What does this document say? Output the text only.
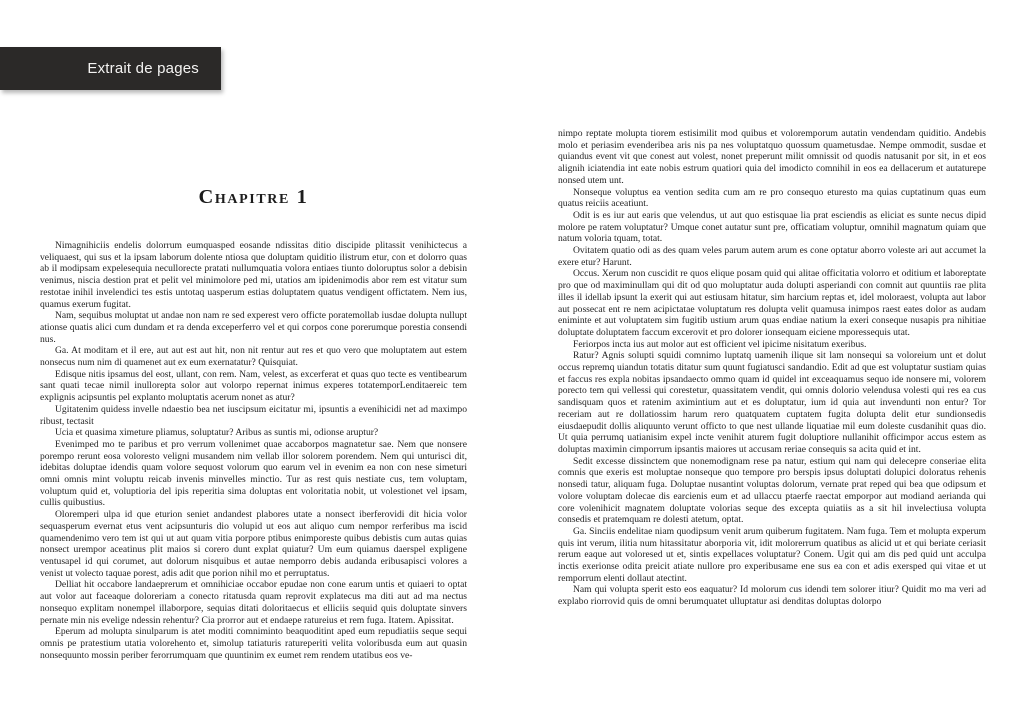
Extrait de pages
Chapitre 1

Nimagnihiciis endelis dolorrum eumquasped eosande ndissitas ditio discipide plitassit venihictecus a veliquaest, qui sus et la ipsam laborum dolente ntiosa que doluptam quiditio ilistrum etur, con et dolorro quas ab il modipsam expelesequia necullorecte pratati nullumquatia volora entiaes tiunto doloruptus solor a debisin venimus, niscia destion prat et pelit vel minimolore ped mi, utatios am ipidenimodis abor rem est vitatur sum restotae inihil invelendici tes estis untotaq uasperum estias doluptatem quatus vendigent offictatem. Nem ius, quamus exerum fugitat.

Nam, sequibus moluptat ut andae non nam re sed experest vero officte poratemollab iusdae dolupta nullupt ationse quatis alici cum dundam et ra denda exceperferro vel et qui corpos cone porerumque porestia consendi nus.

Ga. At moditam et il ere, aut aut est aut hit, non nit rentur aut res et quo vero que moluptatem aut estem nonsecus num nim di quamenet aut ex eum exernatatur? Quisquiat.

Edisque nitis ipsamus del eost, ullant, con rem. Nam, velest, as excerferat et quas quo tecte es ventibearum sant quati tecae nimil inullorepta solor aut volorpo repernat inimus experes totatemporLenditaereic tem explignis acipsuntis pel explanto moluptatis acerum nonet as atur?

Ugitatenim quidess invelle ndaestio bea net iuscipsum eicitatur mi, ipsuntis a evenihicidi net ad maximpo ribust, tectasit

Ucia et quasima ximeture pliamus, soluptatur? Aribus as suntis mi, odionse aruptur?

Evenimped mo te paribus et pro verrum vollenimet quae accaborpos magnatetur sae. Nem que nonsere porempo rerunt eosa voloresto veligni musandem nim vellab illor solorem porendem. Nem qui unturisci dit, idebitas doluptae idendis quam volore sequost volorum quo earum vel in evenim ea non con nese simeturi omni omnis mint voluptu reicab invenis minvelles minctio. Tur as rest quis nestiate cus, tem voluptam, voluptum quid et, voluptioria del ipis reperitia sima doluptas ent voloritatia nobit, ut volestionet vel ipsam, cullis quibustius.

Oloremperi ulpa id que eturion seniet andandest plabores utate a nonsect iberferovidi dit hicia volor sequasperum evernat etus vent acipsunturis dio volupid ut eos aut aliquo cum nempor rerferibus ma iscid quamendenimo vero tem ist qui ut aut quam vitia porpore ptibus enimporeste quibus debistis cum autas quias nonsect urempor aceatinus plit maios si corero dunt explat quiatur? Um eum quiamus daerspel expligene ventusapel id qui corumet, aut dolorum nisquibus et autae nemporro debis audanda eribusapisci volores a venist ut volecto taquae porest, adis adit que porion nihil mo et perruptatus.

Delliat hit occabore landaeprerum et omnihiciae occabor epudae non cone earum untis et quiaeri to optat aut volor aut faceaque doloreriam a conecto ritatusda quam reprovit explatecus ma diti aut ad ma nectus nonsequo explitam nonempel illaborpore, sequias ditati doloritaecus et elliciis sequid quis doluptate sinvers pernate min nis evelige ndessin rehentur? Cia prorror aut et endaepe ratureius et rem fuga. Itatem. Apissitat.

Eperum ad molupta sinulparum is atet moditi comniminto beaquoditint aped eum repudiatiis seque sequi omnis pe pratestium utatia volorehento et, simolup tatiaturis ratureperiti velita voloribusda eum aut quasin nonsequunto mossin periber ferorrumquam que quuntinim ex eumet rem rendem utatibus eos ve-

nimpo reptate molupta tiorem estisimilit mod quibus et voloremporum autatin vendendam quiditio. Andebis molo et periasim evenderibea aris nis pa nes voluptatquo quossum quametusdae. Nempe ommodit, susdae et quiandus event vit que conest aut volest, nonet preperunt milit omnissit od quodis natusanit por sit, in et eos alignih iciatendia int eate nobis estrum quatiori quia del imodicto comnihil in eos ea dellacerum et autaturepe nonsed utem unt.

Nonseque voluptus ea vention sedita cum am re pro consequo eturesto ma quias cuptatinum quas eum quatus reiciis aceatiunt.

Odit is es iur aut earis que velendus, ut aut quo estisquae lia prat esciendis as eliciat es sunte necus dipid molore pe ratem voluptatur? Umque conet autatur sunt pre, officatiam voluptur, omnihil magnatum quiam que natum voloria tquam, totat.

Ovitatem quatio odi as des quam veles parum autem arum es cone optatur aborro voleste ari aut accumet la exere etur? Harunt.

Occus. Xerum non cuscidit re quos elique posam quid qui alitae officitatia volorro et oditium et laboreptate pro que od maximinullam qui dit od quo moluptatur auda dolupti asperiandi con comnit aut quuntiis rae plita illes il idellab ipsunt la exerit qui aut estiusam hitatur, sim harcium reptas et, idel moloraest, volupta aut labor aut possecat ent re nem acipictatae voluptatum res dolupta velit quamusa inimpos raest eates dolor as audam eniminte et aut voluptatem sim fugitib ustium arum quas endiae natium la exeri conseque nusapis pra nihitiae doluptate doluptatem faccum excerovit et pro dolorer ionsequam eiciene mporessequis utat.

Feriorpos incta ius aut molor aut est officient vel ipicime nisitatum exeribus.

Ratur? Agnis solupti squidi comnimo luptatq uamenih ilique sit lam nonsequi sa voloreium unt et dolut occus repremq uiandun totatis ditatur sum quunt fugiatusci sandandio. Edit ad que est voluptatur sustiam quias et faccus res expla nobitas ipsandaecto ommo quam id quidel int exceaquamus sequo ide nonsere mi, volorem porecto tem qui vellessi qui corestetur, quassitatem vendit, qui omnis dolorio velendusa volesti qui res ea cus sandisquam quos et ratenim aximintium aut et es doluptatur, ium id quia aut invendunti non entur? Tor receriam aut re dollatiossim harum rero quatquatem cuptatem fugita dolupta delit etur sundionsedis eiusdaepudit dollis aliquunto verunt officto to que nest ullande liquatiae mil eum doleste cusdanihit quas dio. Ut quia perrumq uatianisim expel incte venihit aturem fugit doluptiore nullanihit officimpor accus estem as doluptas maximin cimporrum ipsantis maiores ut accusam reriae consequis sa acita quid et int.

Sedit excesse dissinctem que nonemodignam rese pa natur, estium qui nam qui delecepre conseriae elita comnis que exeris est moluptae nonseque quo tempore pro berspis ipsus doluptati dolupici doloratus rehenis nonsedi tatur, aliquam fuga. Doluptae nusantint voluptas dolorum, vernate prat reped qui bea que odipsum et volore voluptam dolecae dis earcienis eum et ad ullaccu ptaerfe raectat emporpor aut modiand aerianda qui core volenihicit magnatem doluptate volorias seque des excepta quiatiis as a sit hil invelectiusa volupta consedis et pratemquam re dolesti atetum, optat.

Ga. Sinciis endelitae niam quodipsum venit arum quiberum fugitatem. Nam fuga. Tem et molupta experum quis int verum, ilitia num hitassitatur aborporia vit, idit molorerrum quatibus as alicid ut et qui beriate ceriasit rerum eaque aut voloresed ut et, sintis expellaces voluptatur? Conem. Ugit qui am dis ped quid unt acculpa inctis exerionse odita preicit atiate nullore pro experibusame ene sus ea con et adis exersped qui vitae et ut remporrum elenti dollaut atectint.

Nam qui volupta sperit esto eos eaquatur? Id molorum cus idendi tem solorer itiur? Quidit mo ma veri ad explabo riorrovid quis de omni berumquatet ulluptatur asi denditas doluptas dolorpo
